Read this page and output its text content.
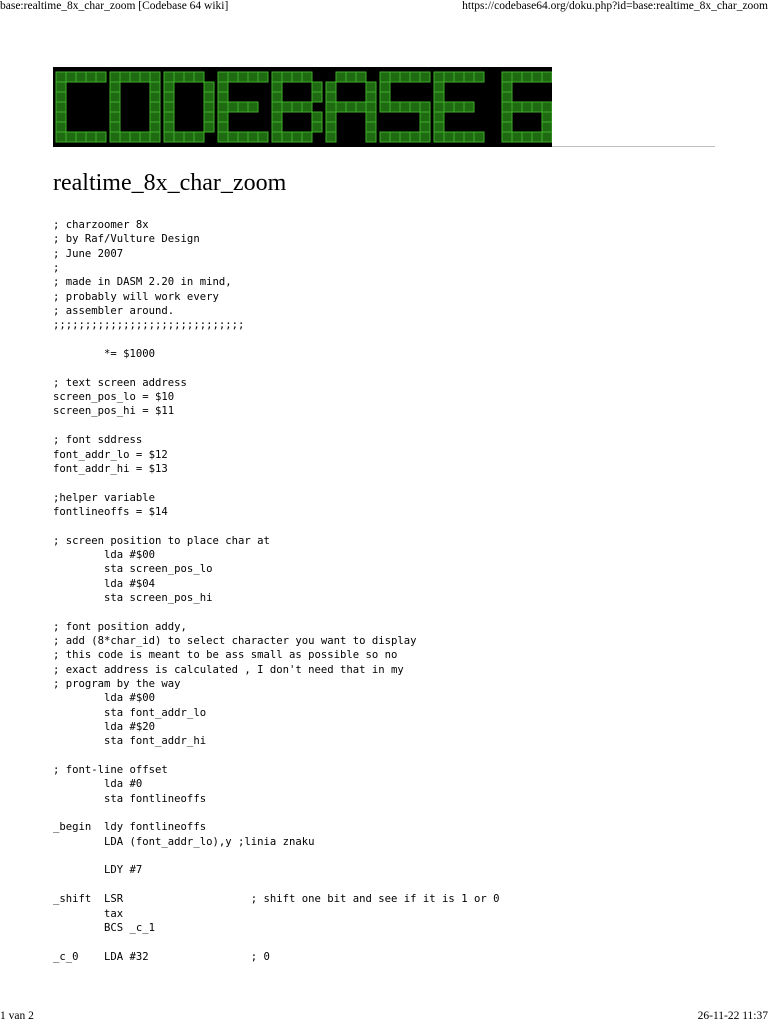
base:realtime_8x_char_zoom [Codebase 64 wiki]	https://codebase64.org/doku.php?id=base:realtime_8x_char_zoom
realtime_8x_char_zoom
; charzoomer 8x
; by Raf/Vulture Design
; June 2007
;
; made in DASM 2.20 in mind,
; probably will work every
; assembler around.
;;;;;;;;;;;;;;;;;;;;;;;;;;;;;;

*= $1000

; text screen address
screen_pos_lo = $10
screen_pos_hi = $11

; font sddress
font_addr_lo = $12
font_addr_hi = $13

;helper variable
fontlineoffs = $14

; screen position to place char at
lda #$00
sta screen_pos_lo
lda #$04
sta screen_pos_hi

; font position addy,
; add (8*char_id) to select character you want to display
; this code is meant to be ass small as possible so no
; exact address is calculated , I don't need that in my
; program by the way
lda #$00
sta font_addr_lo
lda #$20
sta font_addr_hi

; font-line offset
lda #0
sta fontlineoffs

_begin  ldy fontlineoffs
LDA (font_addr_lo),y ;linia znaku

LDY #7

_shift  LSR                    ; shift one bit and see if it is 1 or 0
tax
BCS _c_1

_c_0    LDA #32                ; 0
1 van 2	26-11-22 11:37
